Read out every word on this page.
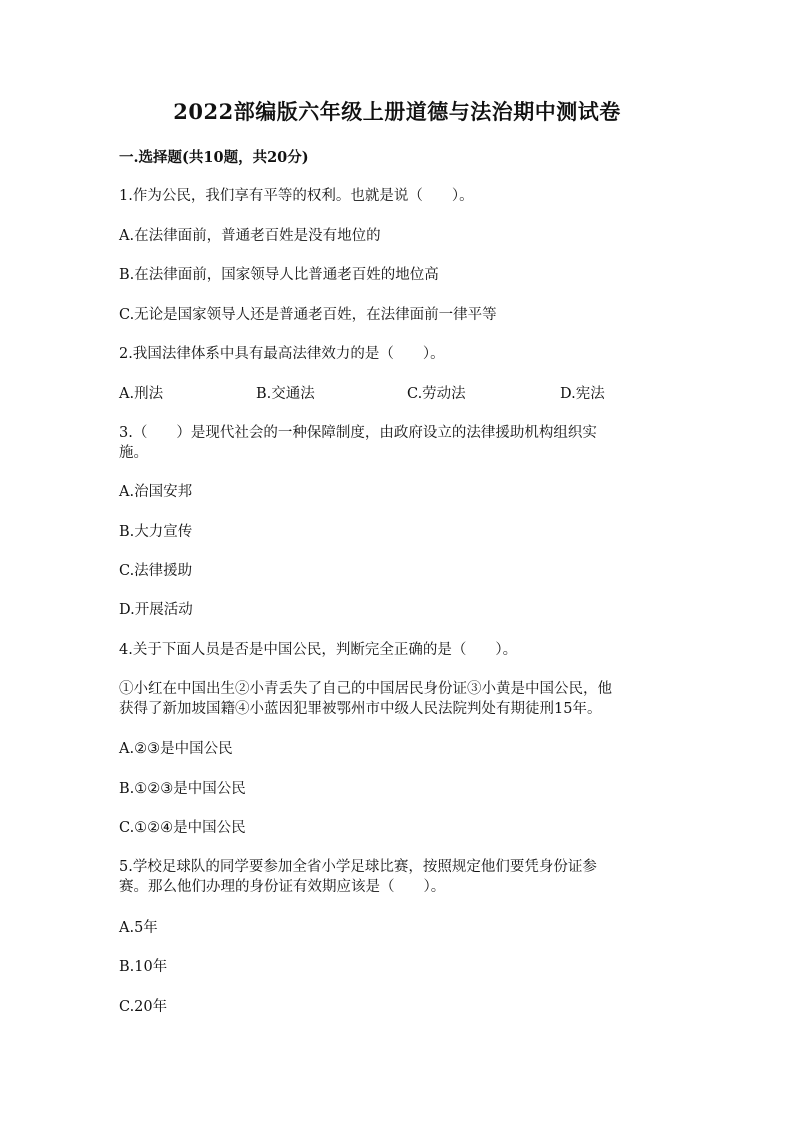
2022部编版六年级上册道德与法治期中测试卷
一.选择题(共10题，共20分)
1.作为公民，我们享有平等的权利。也就是说（　　）。
A.在法律面前，普通老百姓是没有地位的
B.在法律面前，国家领导人比普通老百姓的地位高
C.无论是国家领导人还是普通老百姓，在法律面前一律平等
2.我国法律体系中具有最高法律效力的是（　　）。
A.刑法	B.交通法	C.劳动法	D.宪法
3.（　　）是现代社会的一种保障制度，由政府设立的法律援助机构组织实
施。
A.治国安邦
B.大力宣传
C.法律援助
D.开展活动
4.关于下面人员是否是中国公民，判断完全正确的是（　　）。
①小红在中国出生②小青丢失了自己的中国居民身份证③小黄是中国公民，他
获得了新加坡国籍④小蓝因犯罪被鄂州市中级人民法院判处有期徒刑15年。
A.②③是中国公民
B.①②③是中国公民
C.①②④是中国公民
5.学校足球队的同学要参加全省小学足球比赛，按照规定他们要凭身份证参
赛。那么他们办理的身份证有效期应该是（　　）。
A.5年
B.10年
C.20年
